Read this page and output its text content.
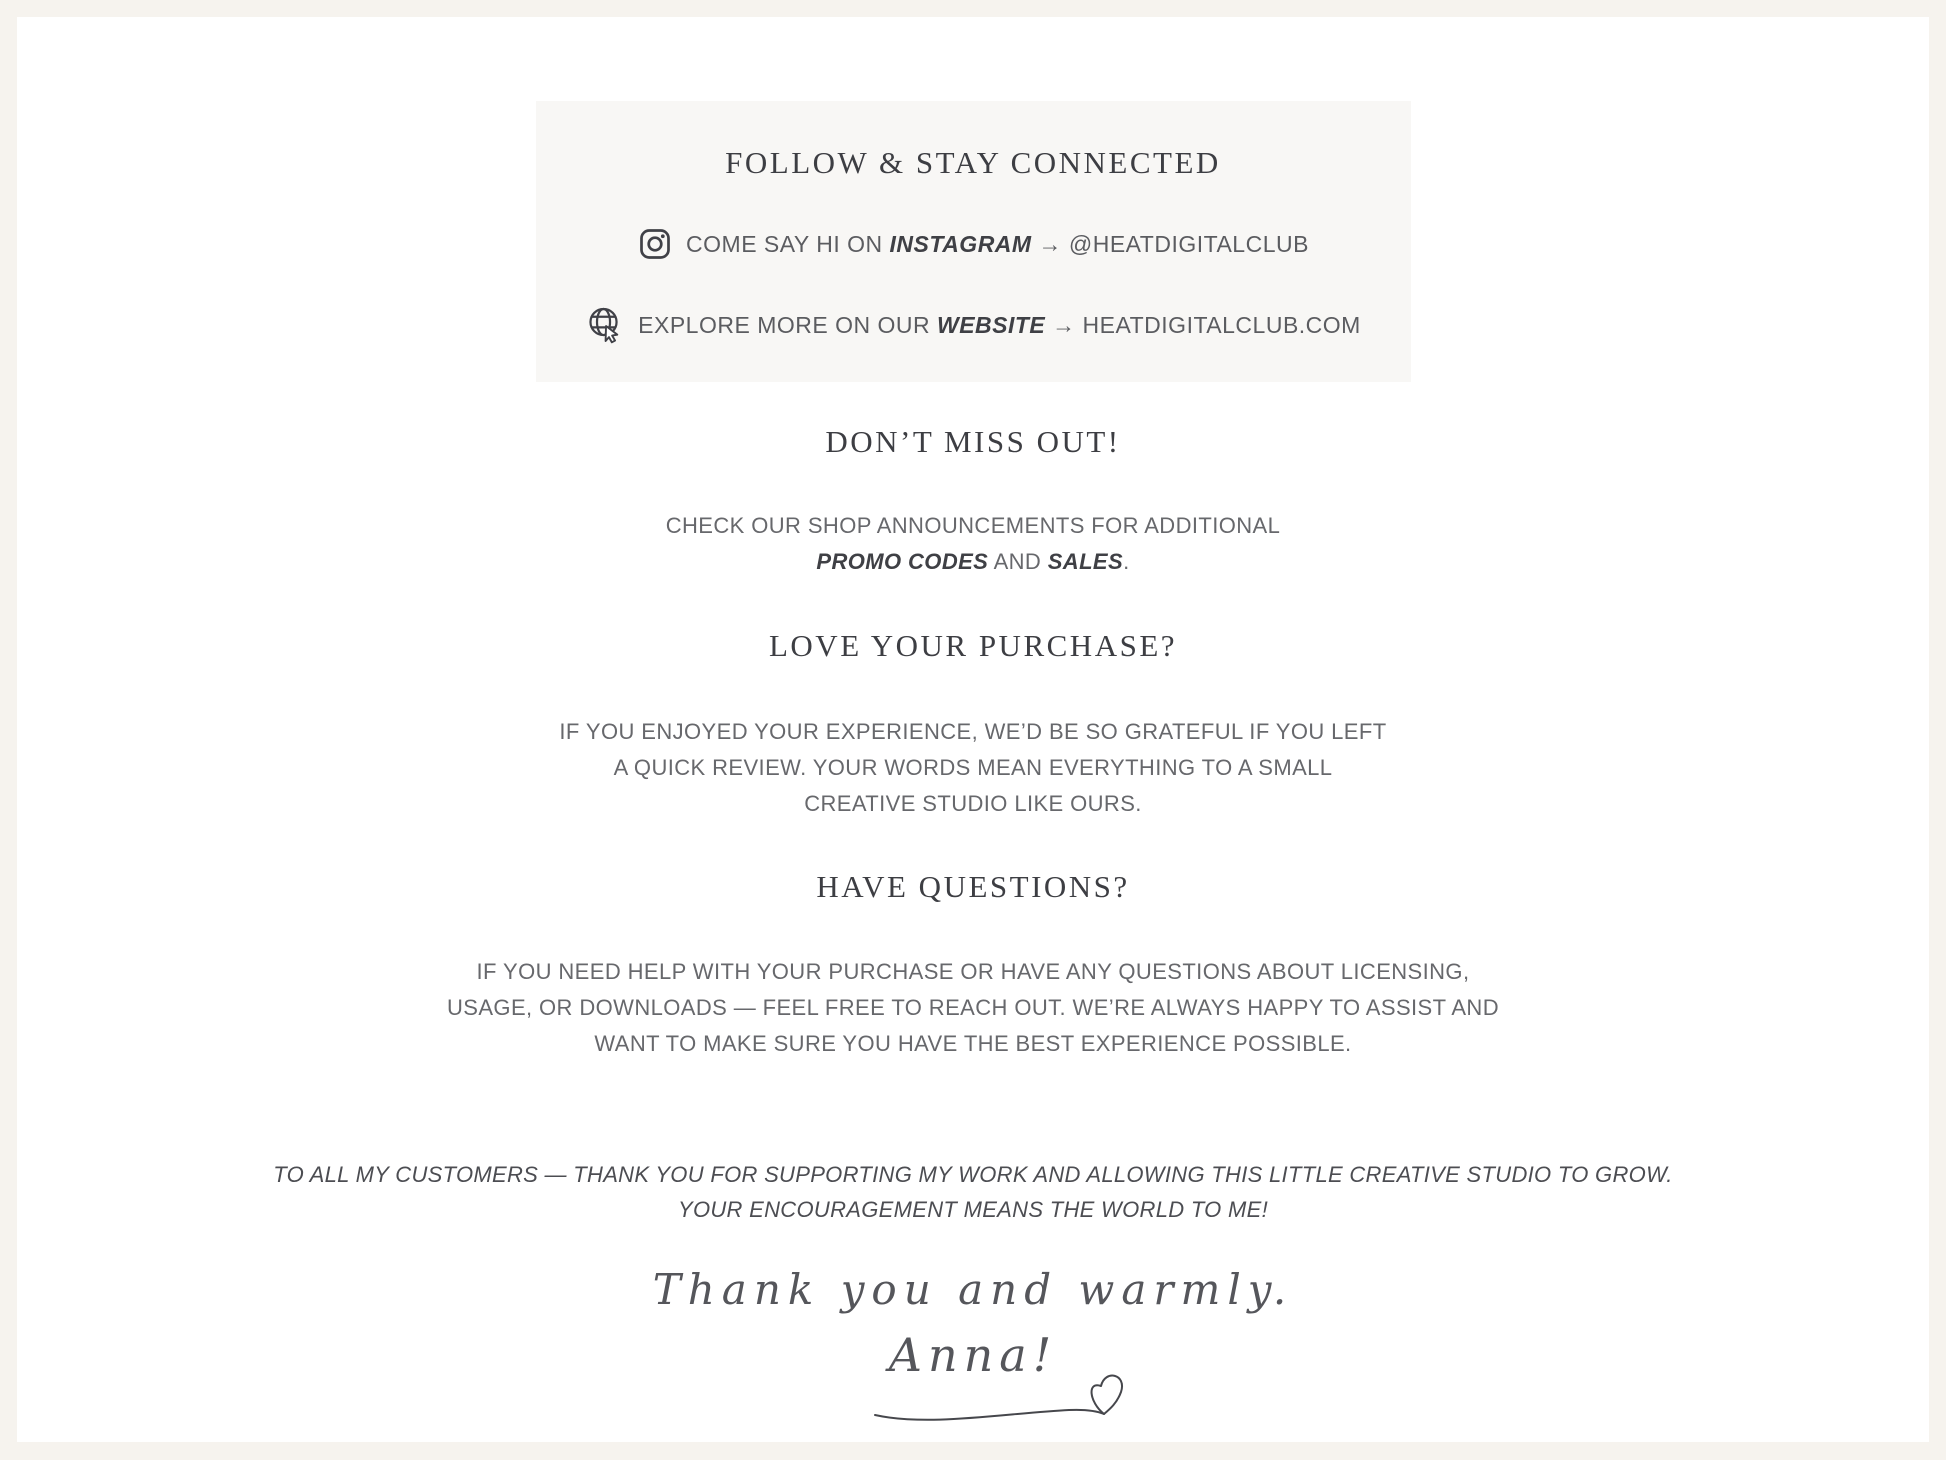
FOLLOW & STAY CONNECTED
COME SAY HI ON INSTAGRAM → @HEATDIGITALCLUB
EXPLORE MORE ON OUR WEBSITE → HEATDIGITALCLUB.COM
DON’T MISS OUT!

CHECK OUR SHOP ANNOUNCEMENTS FOR ADDITIONAL
PROMO CODES AND SALES.

LOVE YOUR PURCHASE?

IF YOU ENJOYED YOUR EXPERIENCE, WE’D BE SO GRATEFUL IF YOU LEFT
A QUICK REVIEW. YOUR WORDS MEAN EVERYTHING TO A SMALL
CREATIVE STUDIO LIKE OURS.

HAVE QUESTIONS?

IF YOU NEED HELP WITH YOUR PURCHASE OR HAVE ANY QUESTIONS ABOUT LICENSING,
USAGE, OR DOWNLOADS — FEEL FREE TO REACH OUT. WE’RE ALWAYS HAPPY TO ASSIST AND
WANT TO MAKE SURE YOU HAVE THE BEST EXPERIENCE POSSIBLE.

TO ALL MY CUSTOMERS — THANK YOU FOR SUPPORTING MY WORK AND ALLOWING THIS LITTLE CREATIVE STUDIO TO GROW.
YOUR ENCOURAGEMENT MEANS THE WORLD TO ME!

Thank you and warmly.
Anna!
